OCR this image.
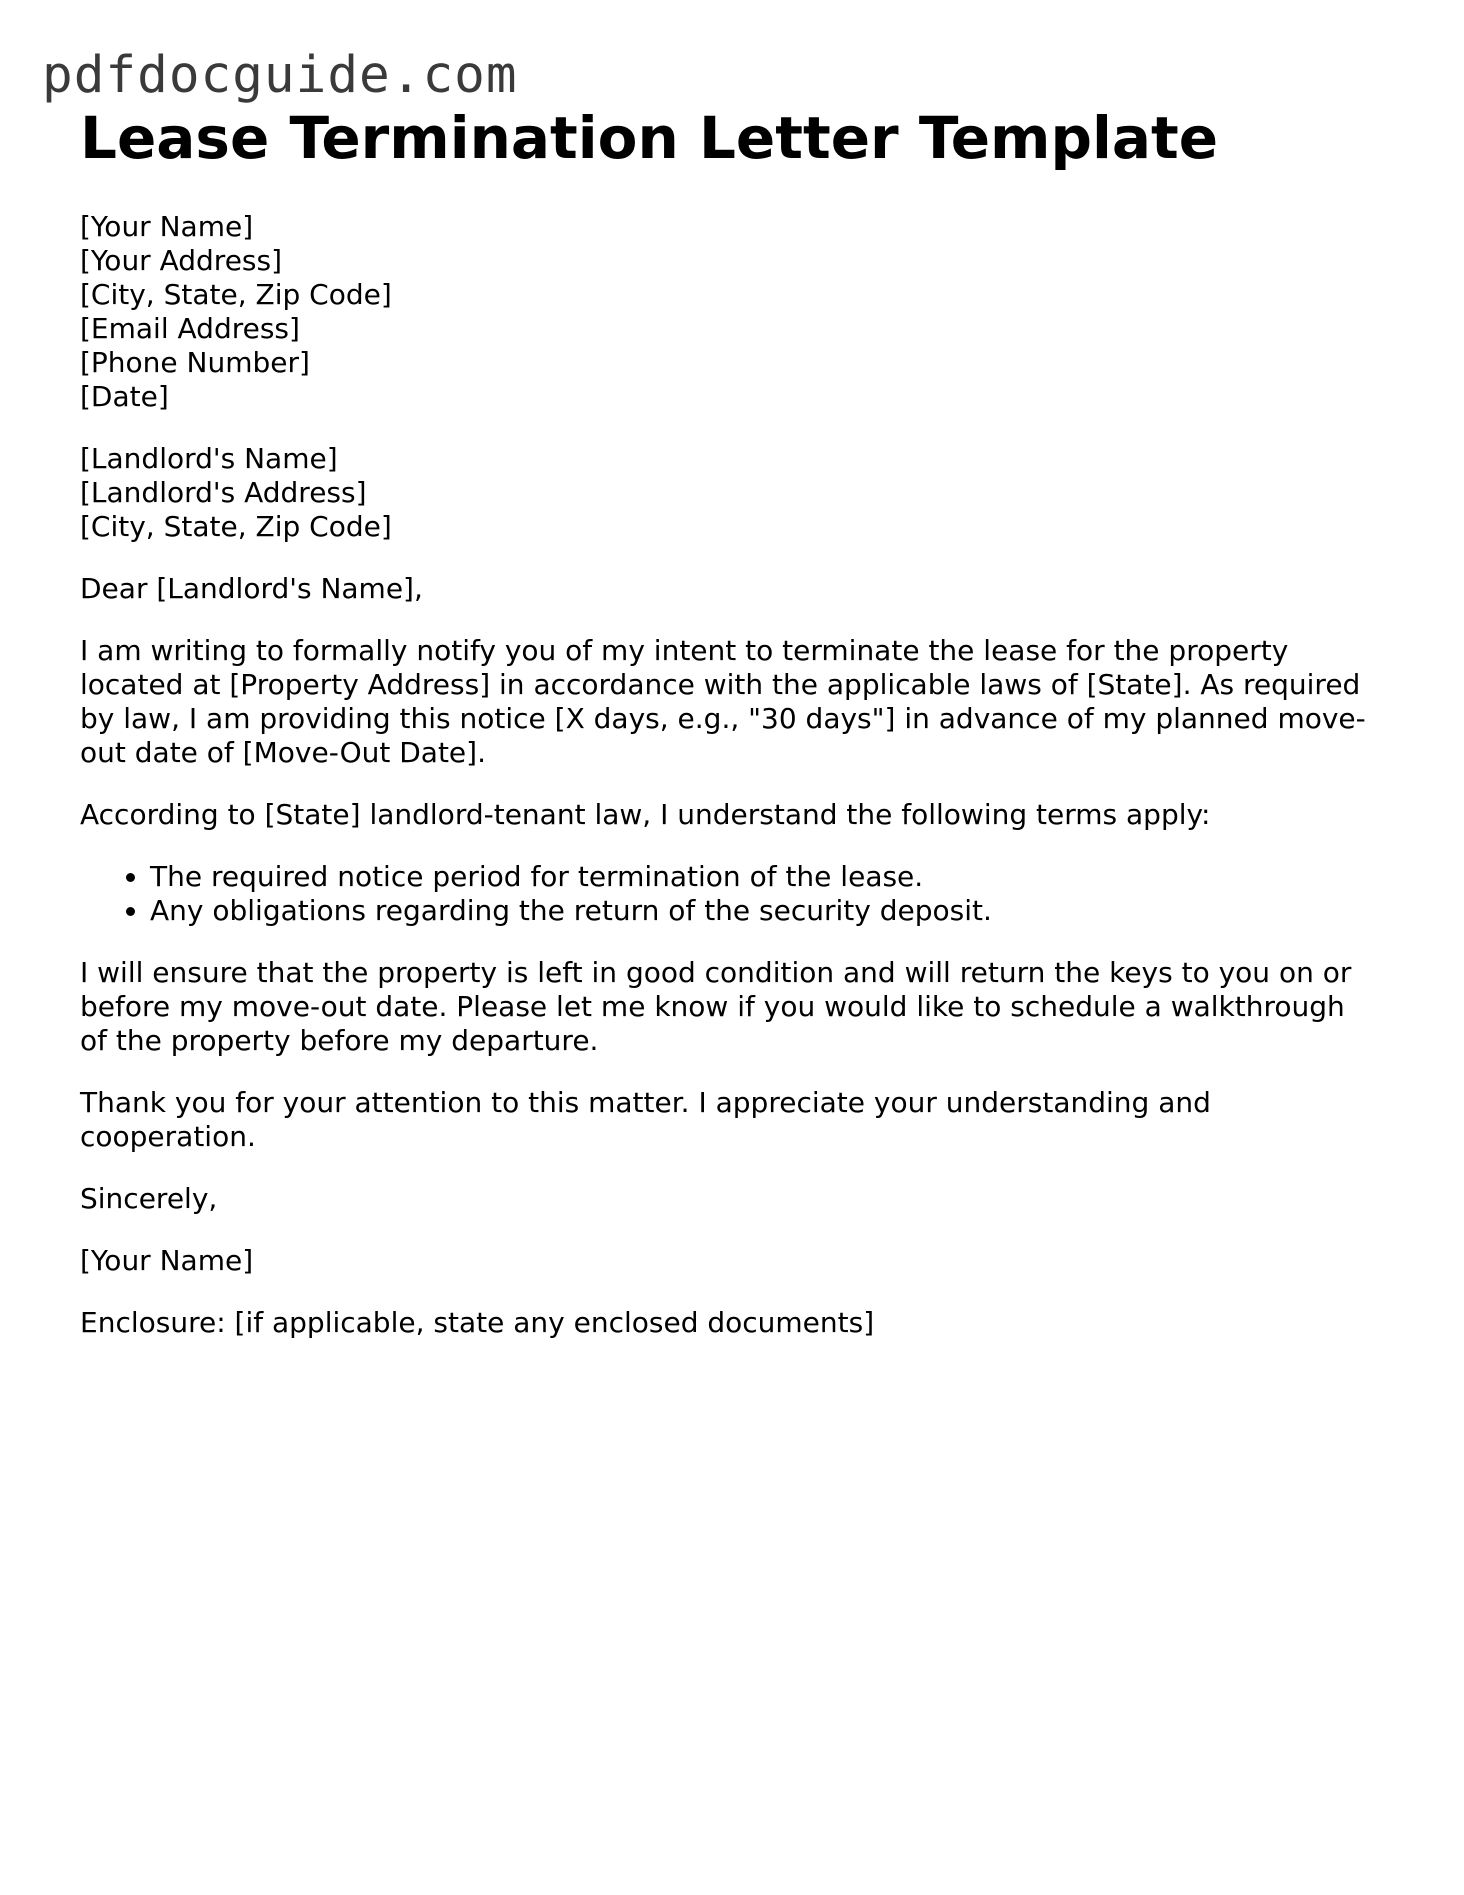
pdfdocguide.com
Lease Termination Letter Template
[Your Name]
[Your Address]
[City, State, Zip Code]
[Email Address]
[Phone Number]
[Date]
[Landlord's Name]
[Landlord's Address]
[City, State, Zip Code]

Dear [Landlord's Name],

I am writing to formally notify you of my intent to terminate the lease for the property located at [Property Address] in accordance with the applicable laws of [State]. As required by law, I am providing this notice [X days, e.g., "30 days"] in advance of my planned move-out date of [Move-Out Date].

According to [State] landlord-tenant law, I understand the following terms apply:

• The required notice period for termination of the lease.
• Any obligations regarding the return of the security deposit.

I will ensure that the property is left in good condition and will return the keys to you on or before my move-out date. Please let me know if you would like to schedule a walkthrough of the property before my departure.

Thank you for your attention to this matter. I appreciate your understanding and cooperation.

Sincerely,

[Your Name]

Enclosure: [if applicable, state any enclosed documents]
